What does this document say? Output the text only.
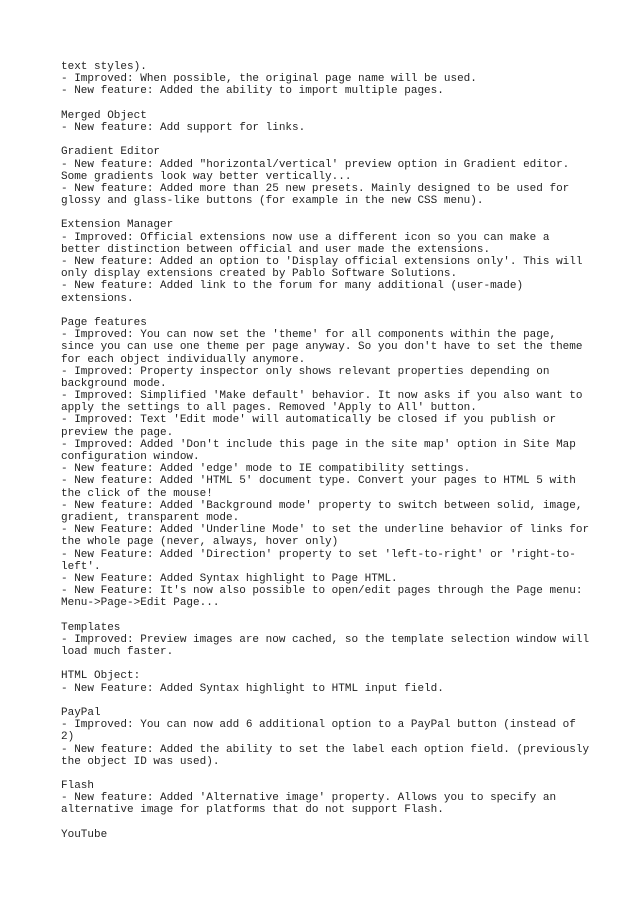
text styles).
- Improved: When possible, the original page name will be used.
- New feature: Added the ability to import multiple pages.
Merged Object
- New feature: Add support for links.
Gradient Editor
- New feature: Added "horizontal/vertical' preview option in Gradient editor.
Some gradients look way better vertically...
- New feature: Added more than 25 new presets. Mainly designed to be used for
glossy and glass-like buttons (for example in the new CSS menu).
Extension Manager
- Improved: Official extensions now use a different icon so you can make a
better distinction between official and user made the extensions.
- New feature: Added an option to 'Display official extensions only'. This will
only display extensions created by Pablo Software Solutions.
- New feature: Added link to the forum for many additional (user-made)
extensions.
Page features
- Improved: You can now set the 'theme' for all components within the page,
since you can use one theme per page anyway. So you don't have to set the theme
for each object individually anymore.
- Improved: Property inspector only shows relevant properties depending on
background mode.
- Improved: Simplified 'Make default' behavior. It now asks if you also want to
apply the settings to all pages. Removed 'Apply to All' button.
- Improved: Text 'Edit mode' will automatically be closed if you publish or
preview the page.
- Improved: Added 'Don't include this page in the site map' option in Site Map
configuration window.
- New feature: Added 'edge' mode to IE compatibility settings.
- New feature: Added 'HTML 5' document type. Convert your pages to HTML 5 with
the click of the mouse!
- New feature: Added 'Background mode' property to switch between solid, image,
gradient, transparent mode.
- New Feature: Added 'Underline Mode' to set the underline behavior of links for
the whole page (never, always, hover only)
- New Feature: Added 'Direction' property to set 'left-to-right' or 'right-to-
left'.
- New Feature: Added Syntax highlight to Page HTML.
- New Feature: It's now also possible to open/edit pages through the Page menu:
Menu->Page->Edit Page...
Templates
- Improved: Preview images are now cached, so the template selection window will
load much faster.
HTML Object:
- New Feature: Added Syntax highlight to HTML input field.
PayPal
- Improved: You can now add 6 additional option to a PayPal button (instead of
2)
- New feature: Added the ability to set the label each option field. (previously
the object ID was used).
Flash
- New feature: Added 'Alternative image' property. Allows you to specify an
alternative image for platforms that do not support Flash.
YouTube
